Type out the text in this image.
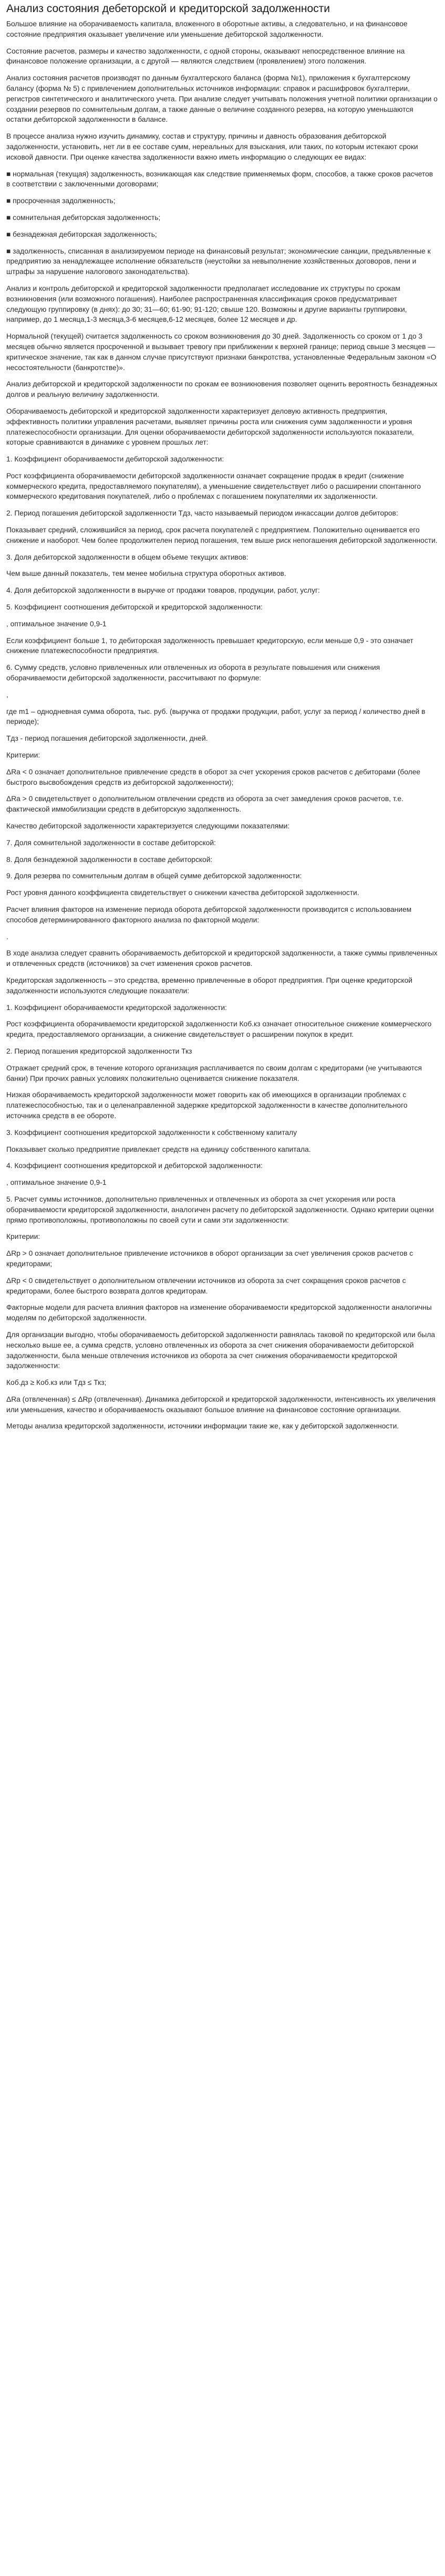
Анализ состояния дебеторской и кредиторской задолженности

Большое влияние на оборачиваемость капитала, вложенного в оборотные активы, а следовательно, и на финансовое состояние предприятия оказывает увеличение или уменьшение дебиторской задолженности.

Состояние расчетов, размеры и качество задолженности, с одной стороны, оказывают непосредственное влияние на финансовое положение организации, а с другой — являются следствием (проявлением) этого положения.

Анализ состояния расчетов производят по данным бухгалтерского баланса (форма №1), приложения к бухгалтерскому балансу (форма № 5) с привлечением дополнительных источников информации: справок и расшифровок бухгалтерии, регистров синтетического и аналитического учета. При анализе следует учитывать положения учетной политики организации о создании резервов по сомнительным долгам, а также данные о величине созданного резерва, на которую уменьшаются остатки дебиторской задолженности в балансе.

В процессе анализа нужно изучить динамику, состав и структуру, причины и давность образования дебиторской задолженности, установить, нет ли в ее составе сумм, нереальных для взыскания, или таких, по которым истекают сроки исковой давности. При оценке качества задолженности важно иметь информацию о следующих ее видах:

■ нормальная (текущая) задолженность, возникающая как следствие применяемых форм, способов, а также сроков расчетов в соответствии с заключенными договорами;

■ просроченная задолженность;

■ сомнительная дебиторская задолженность;

■ безнадежная дебиторская задолженность;

■ задолженность, списанная в анализируемом периоде на финансовый результат; экономические санкции, предъявленные к предприятию за ненадлежащее исполнение обязательств (неустойки за невыполнение хозяйственных договоров, пени и штрафы за нарушение налогового законодательства).

Анализ и контроль дебиторской и кредиторской задолженности предполагает исследование их структуры по срокам возникновения (или возможного погашения). Наиболее распространенная классификация сроков предусматривает следующую группировку (в днях): до 30; 31—60; 61-90; 91-120; свыше 120. Возможны и другие варианты группировки, например, до 1 месяца,1-3 месяца,3-6 месяцев,6-12 месяцев, более 12 месяцев и др.

Нормальной (текущей) считается задолженность со сроком возникновения до 30 дней. Задолженность со сроком от 1 до 3 месяцев обычно является просроченной и вызывает тревогу при приближении к верхней границе; период свыше 3 месяцев — критическое значение, так как в данном случае присутствуют признаки банкротства, установленные Федеральным законом «О несостоятельности (банкротстве)».

Анализ дебиторской и кредиторской задолженности по срокам ее возникновения позволяет оценить вероятность безнадежных долгов и реальную величину задолженности.

Оборачиваемость дебиторской и кредиторской задолженности характеризует деловую активность предприятия, эффективность политики управления расчетами, выявляет причины роста или снижения сумм задолженности и уровня платежеспособности организации. Для оценки оборачиваемости дебиторской задолженности используются показатели, которые сравниваются в динамике с уровнем прошлых лет:

1. Коэффициент оборачиваемости дебиторской задолженности:

Рост коэффициента оборачиваемости дебиторской задолженности означает сокращение продаж в кредит (снижение коммерческого кредита, предоставляемого покупателям), а уменьшение свидетельствует либо о расширении спонтанного коммерческого кредитования покупателей, либо о проблемах с погашением покупателями их задолженности.

2. Период погашения дебиторской задолженности Тдз, часто называемый периодом инкассации долгов дебиторов:

Показывает средний, сложившийся за период, срок расчета покупателей с предприятием. Положительно оценивается его снижение и наоборот. Чем более продолжителен период погашения, тем выше риск непогашения дебиторской задолженности.

3. Доля дебиторской задолженности в общем объеме текущих активов:

Чем выше данный показатель, тем менее мобильна структура оборотных активов.

4. Доля дебиторской задолженности в выручке от продажи товаров, продукции, работ, услуг:

5. Коэффициент соотношения дебиторской и кредиторской задолженности:

, оптимальное значение 0,9-1

Если коэффициент больше 1, то дебиторская задолженность превышает кредиторскую, если меньше 0,9 - это означает снижение платежеспособности предприятия.

6. Сумму средств, условно привлеченных или отвлеченных из оборота в результате повышения или снижения оборачиваемости дебиторской задолженности, рассчитывают по формуле:

,

где m1 – однодневная сумма оборота, тыс. руб. (выручка от продажи продукции, работ, услуг за период / количество дней в периоде);

Тдз - период погашения дебиторской задолженности, дней.

Критерии:

ΔRа < 0 означает дополнительное привлечение средств в оборот за счет ускорения сроков расчетов с дебиторами (более быстрого высвобождения средств из дебиторской задолженности);

ΔRа > 0 свидетельствует о дополнительном отвлечении средств из оборота за счет замедления сроков расчетов, т.е. фактической иммобилизации средств в дебиторскую задолженность.

Качество дебиторской задолженности характеризуется следующими показателями:

7. Доля сомнительной задолженности в составе дебиторской:

8. Доля безнадежной задолженности в составе дебиторской:

9. Доля резерва по сомнительным долгам в общей сумме дебиторской задолженности:

Рост уровня данного коэффициента свидетельствует о снижении качества дебиторской задолженности.

Расчет влияния факторов на изменение периода оборота дебиторской задолженности производится с использованием способов детерминированного факторного анализа по факторной модели:

.

В ходе анализа следует сравнить оборачиваемость дебиторской и кредиторской задолженности, а также суммы привлеченных и отвлеченных средств (источников) за счет изменения сроков расчетов.

Кредиторская задолженность – это средства, временно привлеченные в оборот предприятия. При оценке кредиторской задолженности используются следующие показатели:

1. Коэффициент оборачиваемости кредиторской задолженности:

Рост коэффициента оборачиваемости кредиторской задолженности Коб.кз означает относительное снижение коммерческого кредита, предоставляемого организации, а снижение свидетельствует о расширении покупок в кредит.

2. Период погашения кредиторской задолженности Ткз

Отражает средний срок, в течение которого организация расплачивается по своим долгам с кредиторами (не учитываются банки) При прочих равных условиях положительно оценивается снижение показателя.

Низкая оборачиваемость кредиторской задолженности может говорить как об имеющихся в организации проблемах с платежеспособностью, так и о целенаправленной задержке кредиторской задолженности в качестве дополнительного источника средств в ее обороте.

3. Коэффициент соотношения кредиторской задолженности к собственному капиталу

Показывает сколько предприятие привлекает средств на единицу собственного капитала.

4. Коэффициент соотношения кредиторской и дебиторской задолженности:

, оптимальное значение 0,9-1

5. Расчет суммы источников, дополнительно привлеченных и отвлеченных из оборота за счет ускорения или роста оборачиваемости кредиторской задолженности, аналогичен расчету по дебиторской задолженности. Однако критерии оценки прямо противоположны, противоположны по своей сути и сами эти задолженности:

Критерии:

ΔRр > 0 означает дополнительное привлечение источников в оборот организации за счет увеличения сроков расчетов с кредиторами;

ΔRр < 0 свидетельствует о дополнительном отвлечении источников из оборота за счет сокращения сроков расчетов с кредиторами, более быстрого возврата долгов кредиторам.

Факторные модели для расчета влияния факторов на изменение оборачиваемости кредиторской задолженности аналогичны моделям по дебиторской задолженности.

Для организации выгодно, чтобы оборачиваемость дебиторской задолженности равнялась таковой по кредиторской или была несколько выше ее, а сумма средств, условно отвлеченных из оборота за счет снижения оборачиваемости дебиторской задолженности, была меньше отвлечения источников из оборота за счет снижения оборачиваемости кредиторской задолженности:

Коб.дз ≥ Коб.кз или Тдз ≤ Ткз;

ΔRа (отвлеченная) ≤ ΔRр (отвлеченная). Динамика дебиторской и кредиторской задолженности, интенсивность их увеличения или уменьшения, качество и оборачиваемость оказывают большое влияние на финансовое состояние организации.

Методы анализа кредиторской задолженности, источники информации такие же, как у дебиторской задолженности.
